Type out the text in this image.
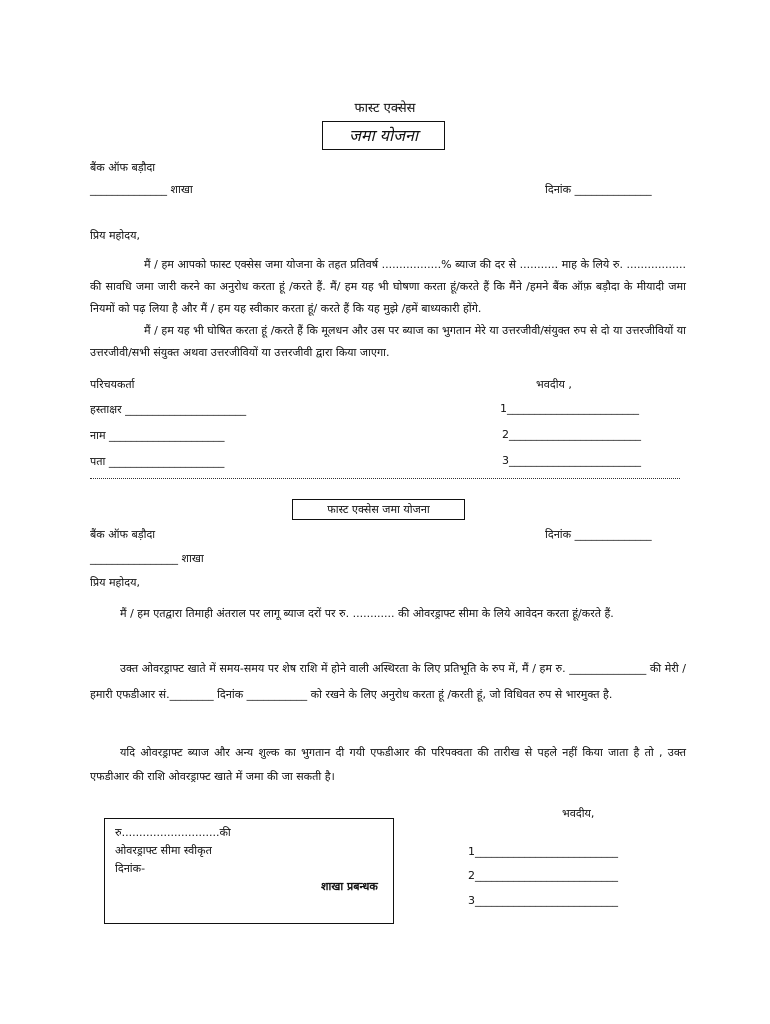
फास्ट एक्सेस
जमा योजना
बैंक ऑफ बड़ौदा
______________ शाखा	दिनांक ______________
प्रिय महोदय,
मैं / हम आपको फास्ट एक्सेस जमा योजना के तहत प्रतिवर्ष .................% ब्याज की दर से ........... माह के लिये रु. ................. की सावधि जमा जारी करने का अनुरोध करता हूं /करते हैं. मैं/ हम यह भी घोषणा करता हूं/करते हैं कि मैंने /हमने बैंक ऑफ़ बड़ौदा के मीयादी जमा नियमों को पढ़ लिया है और मैं / हम यह स्वीकार करता हूं/ करते हैं कि यह मुझे /हमें बाध्यकारी होंगे.
मैं / हम यह भी घोषित करता हूं /करते हैं कि मूलधन और उस पर ब्याज का भुगतान मेरे या उत्तरजीवी/संयुक्त रुप से दो या उत्तरजीवियों या उत्तरजीवी/सभी संयुक्त अथवा उत्तरजीवियों या उत्तरजीवी द्वारा किया जाएगा.
परिचयकर्ता	भवदीय ,
हस्ताक्षर ______________________	1________________________
नाम _____________________	2________________________
पता _____________________	3________________________
फास्ट एक्सेस जमा योजना
बैंक ऑफ बड़ौदा	दिनांक ______________
________________ शाखा
प्रिय महोदय,
मैं / हम एतद्वारा तिमाही अंतराल पर लागू ब्याज दरों पर रु. ............ की ओवरड्राफ्ट सीमा के लिये आवेदन करता हूं/करते हैं.
उक्त ओवरड्राफ्ट खाते में समय-समय पर शेष राशि में होने वाली अस्थिरता के लिए प्रतिभूति के रुप में, मैं / हम रु. ______________ की मेरी / हमारी एफडीआर सं.________ दिनांक ___________ को रखने के लिए अनुरोध करता हूं /करती हूं, जो विधिवत रुप से भारमुक्त है.
यदि ओवरड्राफ्ट ब्याज और अन्य शुल्क का भुगतान दी गयी एफडीआर की परिपक्वता की तारीख से पहले नहीं किया जाता है तो , उक्त एफडीआर की राशि ओवरड्राफ्ट खाते में जमा की जा सकती है।
भवदीय,
रु............................की
ओवरड्राफ्ट सीमा स्वीकृत
दिनांक-
शाखा प्रबन्धक
1__________________________
2__________________________
3__________________________
